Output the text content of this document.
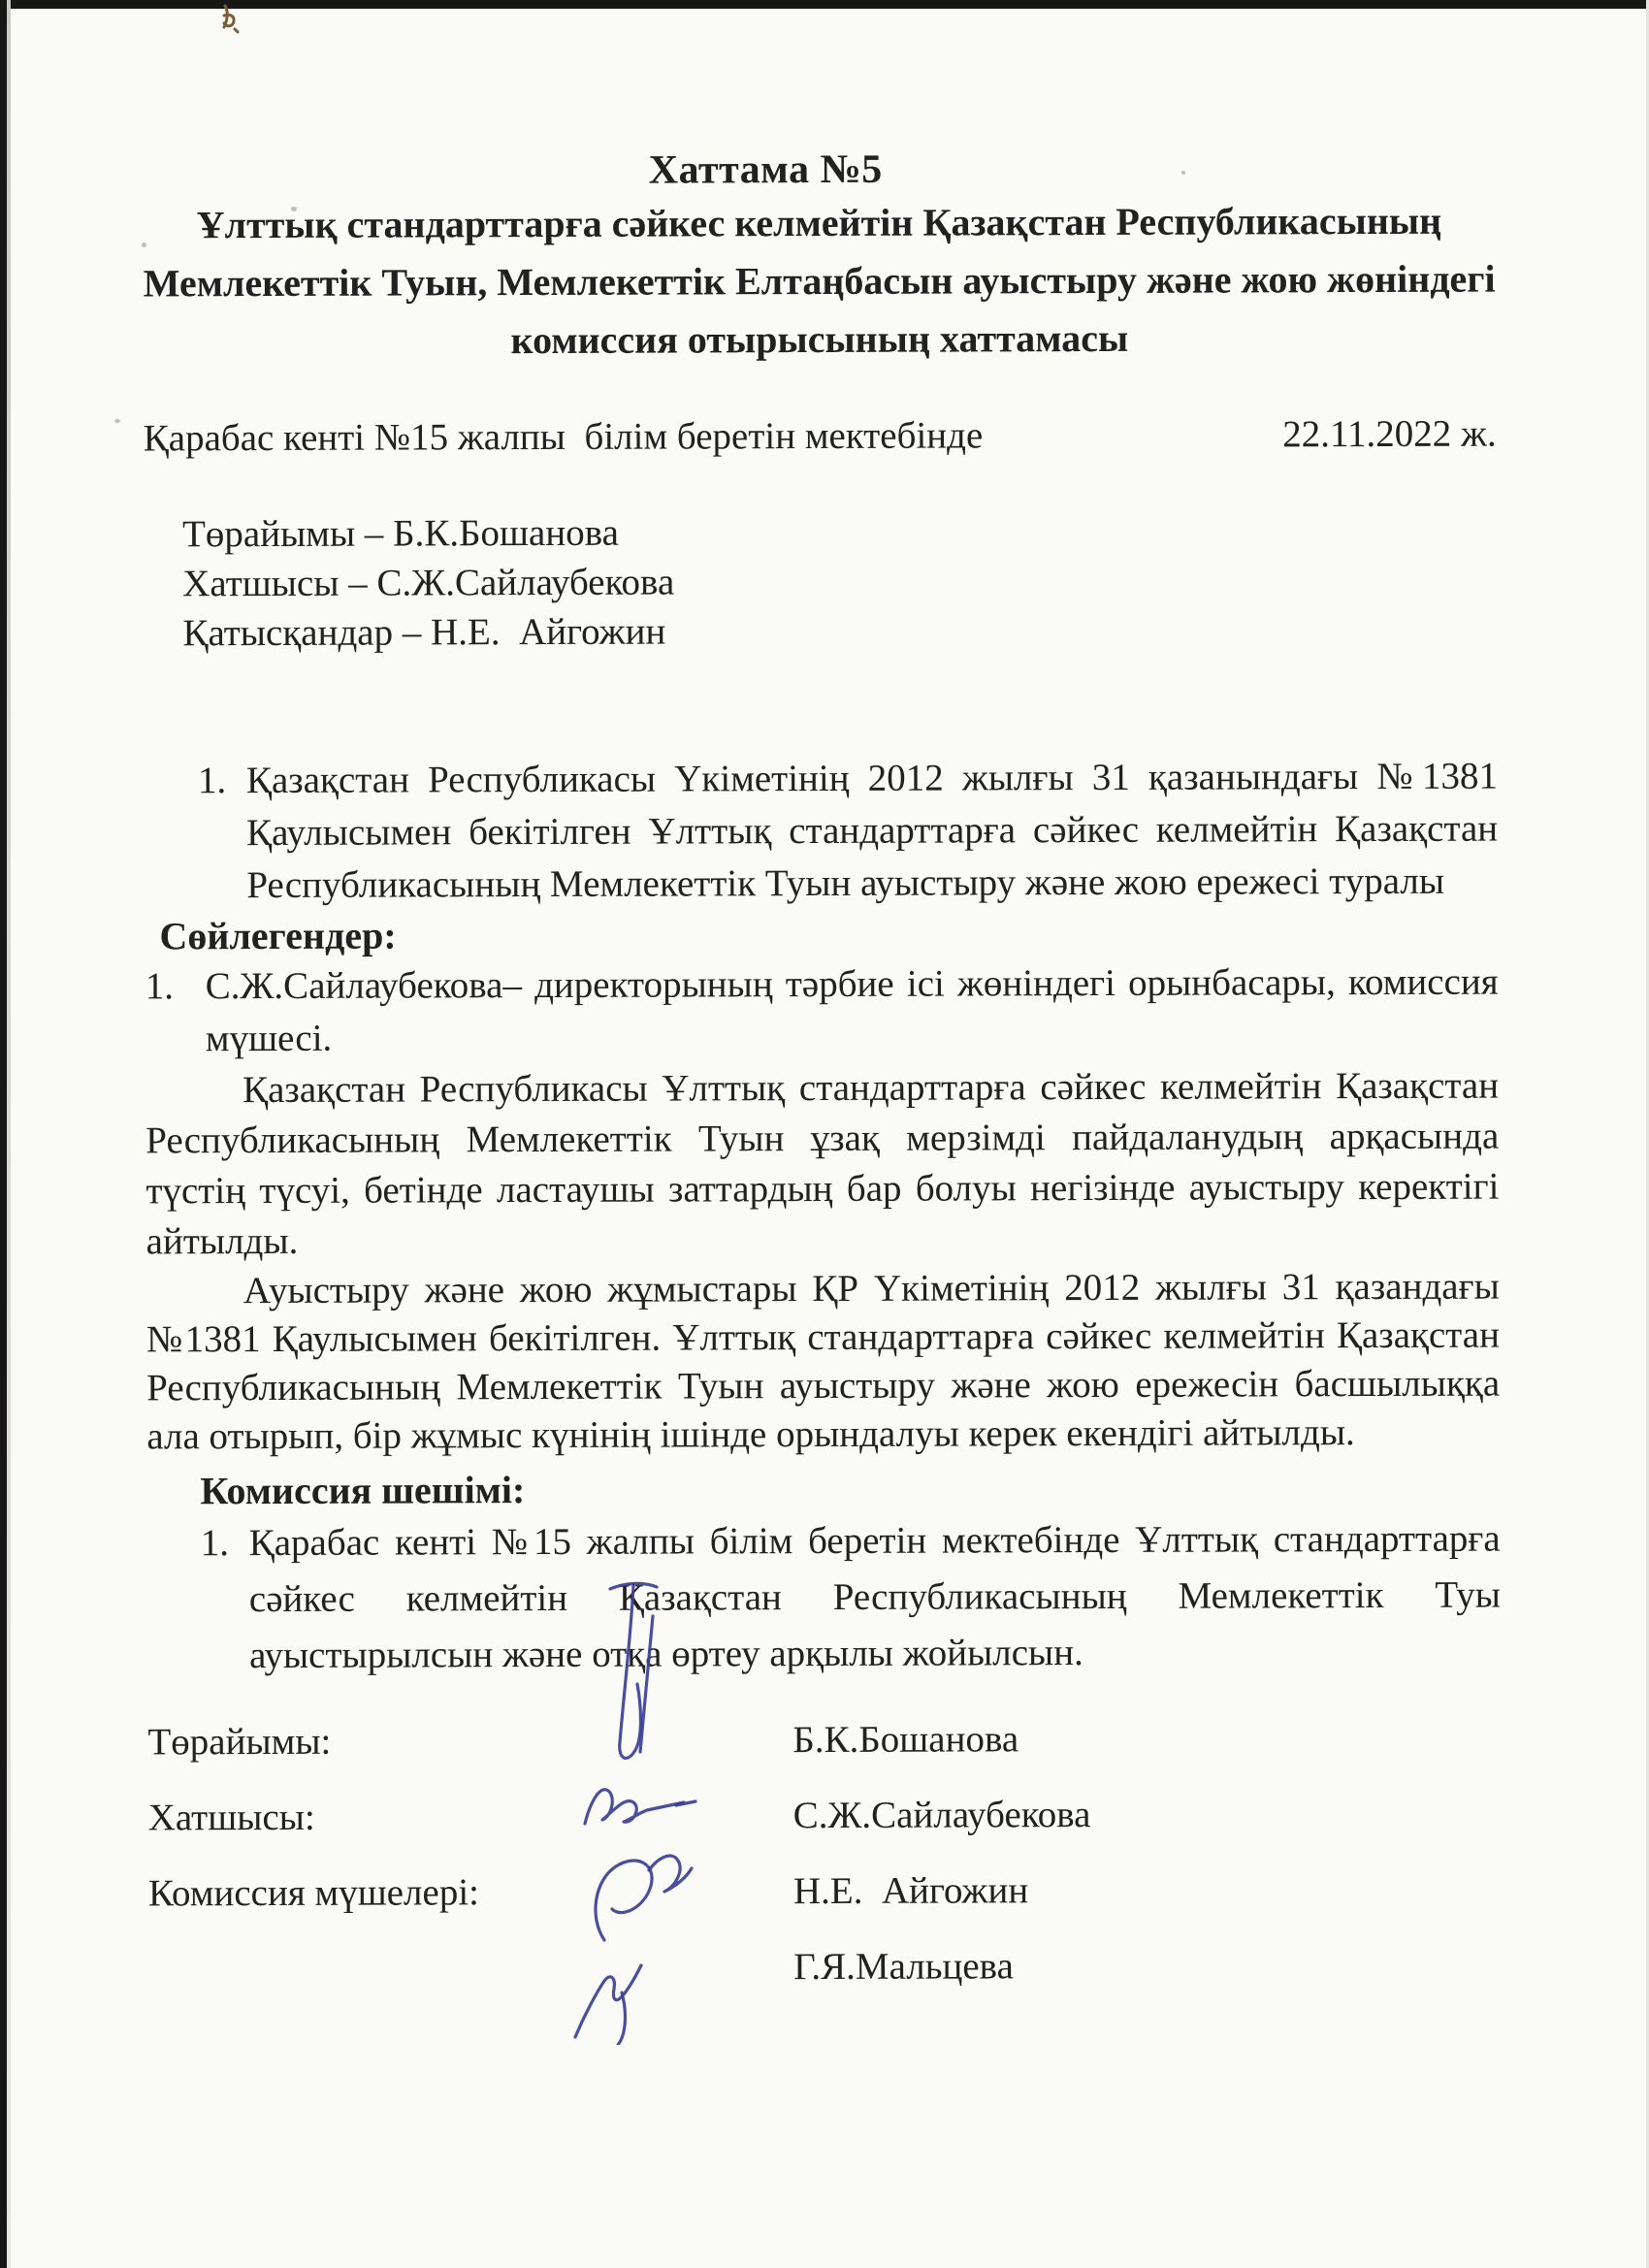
Хаттама №5
Ұлттық стандарттарға сәйкес келмейтін Қазақстан Республикасының Мемлекеттік Туын, Мемлекеттік Елтаңбасын ауыстыру және жою жөніндегі комиссия отырысының хаттамасы
Қарабас кенті №15 жалпы  білім беретін мектебінде	22.11.2022 ж.
Төрайымы – Б.К.Бошанова
Хатшысы – С.Ж.Сайлаубекова
Қатысқандар – Н.Е.  Айгожин
1. Қазақстан Республикасы Үкіметінің 2012 жылғы 31 қазанындағы №1381 Қаулысымен бекітілген Ұлттық стандарттарға сәйкес келмейтін Қазақстан Республикасының Мемлекеттік Туын ауыстыру және жою ережесі туралы
Сөйлегендер:
1. С.Ж.Сайлаубекова– директорының тәрбие ісі жөніндегі орынбасары, комиссия мүшесі.
Қазақстан Республикасы Ұлттық стандарттарға сәйкес келмейтін Қазақстан Республикасының Мемлекеттік Туын ұзақ мерзімді пайдаланудың арқасында түстің түсуі, бетінде ластаушы заттардың бар болуы негізінде ауыстыру керектігі айтылды.
Ауыстыру және жою жұмыстары ҚР Үкіметінің 2012 жылғы 31 қазандағы №1381 Қаулысымен бекітілген. Ұлттық стандарттарға сәйкес келмейтін Қазақстан Республикасының Мемлекеттік Туын ауыстыру және жою ережесін басшылыққа ала отырып, бір жұмыс күнінің ішінде орындалуы керек екендігі айтылды.
Комиссия шешімі:
1. Қарабас кенті №15 жалпы білім беретін мектебінде Ұлттық стандарттарға сәйкес келмейтін Қазақстан Республикасының Мемлекеттік Туы ауыстырылсын және отқа өртеу арқылы жойылсын.
Төрайымы:	Б.К.Бошанова
Хатшысы:	С.Ж.Сайлаубекова
Комиссия мүшелері:	Н.Е.  Айгожин
Г.Я.Мальцева
